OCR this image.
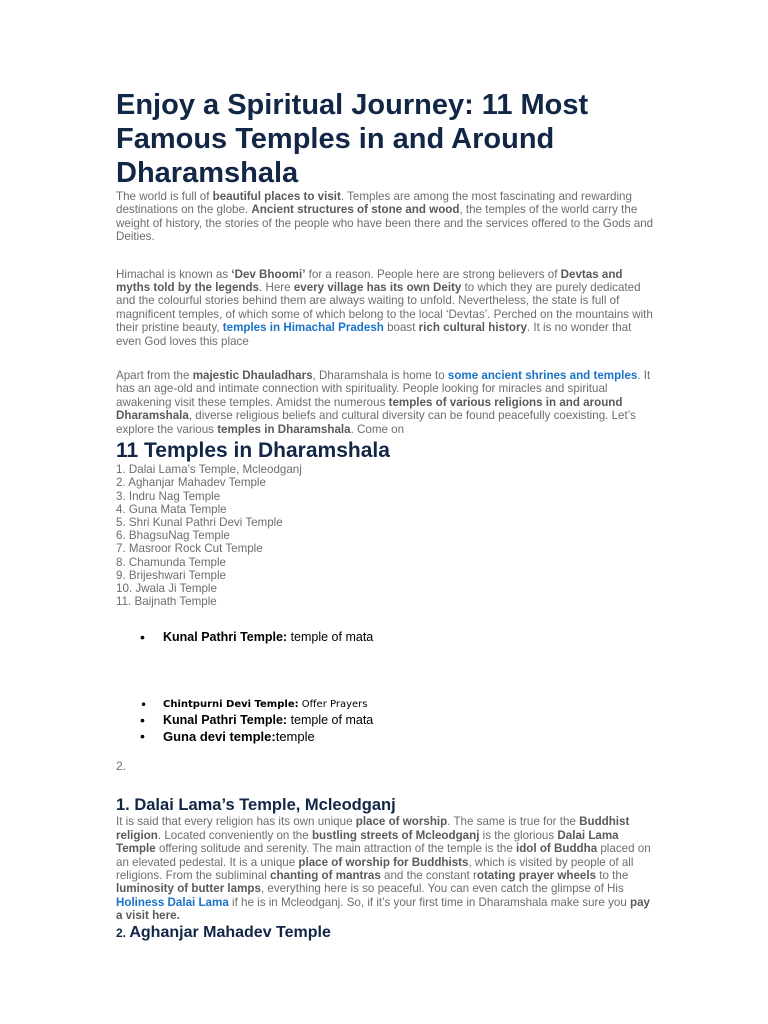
Enjoy a Spiritual Journey: 11 Most Famous Temples in and Around Dharamshala

The world is full of beautiful places to visit. Temples are among the most fascinating and rewarding destinations on the globe. Ancient structures of stone and wood, the temples of the world carry the weight of history, the stories of the people who have been there and the services offered to the Gods and Deities.

Himachal is known as ‘Dev Bhoomi’ for a reason. People here are strong believers of Devtas and myths told by the legends. Here every village has its own Deity to which they are purely dedicated and the colourful stories behind them are always waiting to unfold. Nevertheless, the state is full of magnificent temples, of which some of which belong to the local ‘Devtas’. Perched on the mountains with their pristine beauty, temples in Himachal Pradesh boast rich cultural history. It is no wonder that even God loves this place

Apart from the majestic Dhauladhars, Dharamshala is home to some ancient shrines and temples. It has an age-old and intimate connection with spirituality. People looking for miracles and spiritual awakening visit these temples. Amidst the numerous temples of various religions in and around Dharamshala, diverse religious beliefs and cultural diversity can be found peacefully coexisting. Let’s explore the various temples in Dharamshala. Come on

11 Temples in Dharamshala
1. Dalai Lama’s Temple, Mcleodganj
2. Aghanjar Mahadev Temple
3. Indru Nag Temple
4. Guna Mata Temple
5. Shri Kunal Pathri Devi Temple
6. BhagsuNag Temple
7. Masroor Rock Cut Temple
8. Chamunda Temple
9. Brijeshwari Temple
10. Jwala Ji Temple
11. Baijnath Temple
• Kunal Pathri Temple: temple of mata
• Chintpurni Devi Temple: Offer Prayers
• Kunal Pathri Temple: temple of mata
• Guna devi temple:temple
2.
1. Dalai Lama’s Temple, Mcleodganj

It is said that every religion has its own unique place of worship. The same is true for the Buddhist religion. Located conveniently on the bustling streets of Mcleodganj is the glorious Dalai Lama Temple offering solitude and serenity. The main attraction of the temple is the idol of Buddha placed on an elevated pedestal. It is a unique place of worship for Buddhists, which is visited by people of all religions. From the subliminal chanting of mantras and the constant rotating prayer wheels to the luminosity of butter lamps, everything here is so peaceful. You can even catch the glimpse of His Holiness Dalai Lama if he is in Mcleodganj. So, if it’s your first time in Dharamshala make sure you pay a visit here.

2. Aghanjar Mahadev Temple
